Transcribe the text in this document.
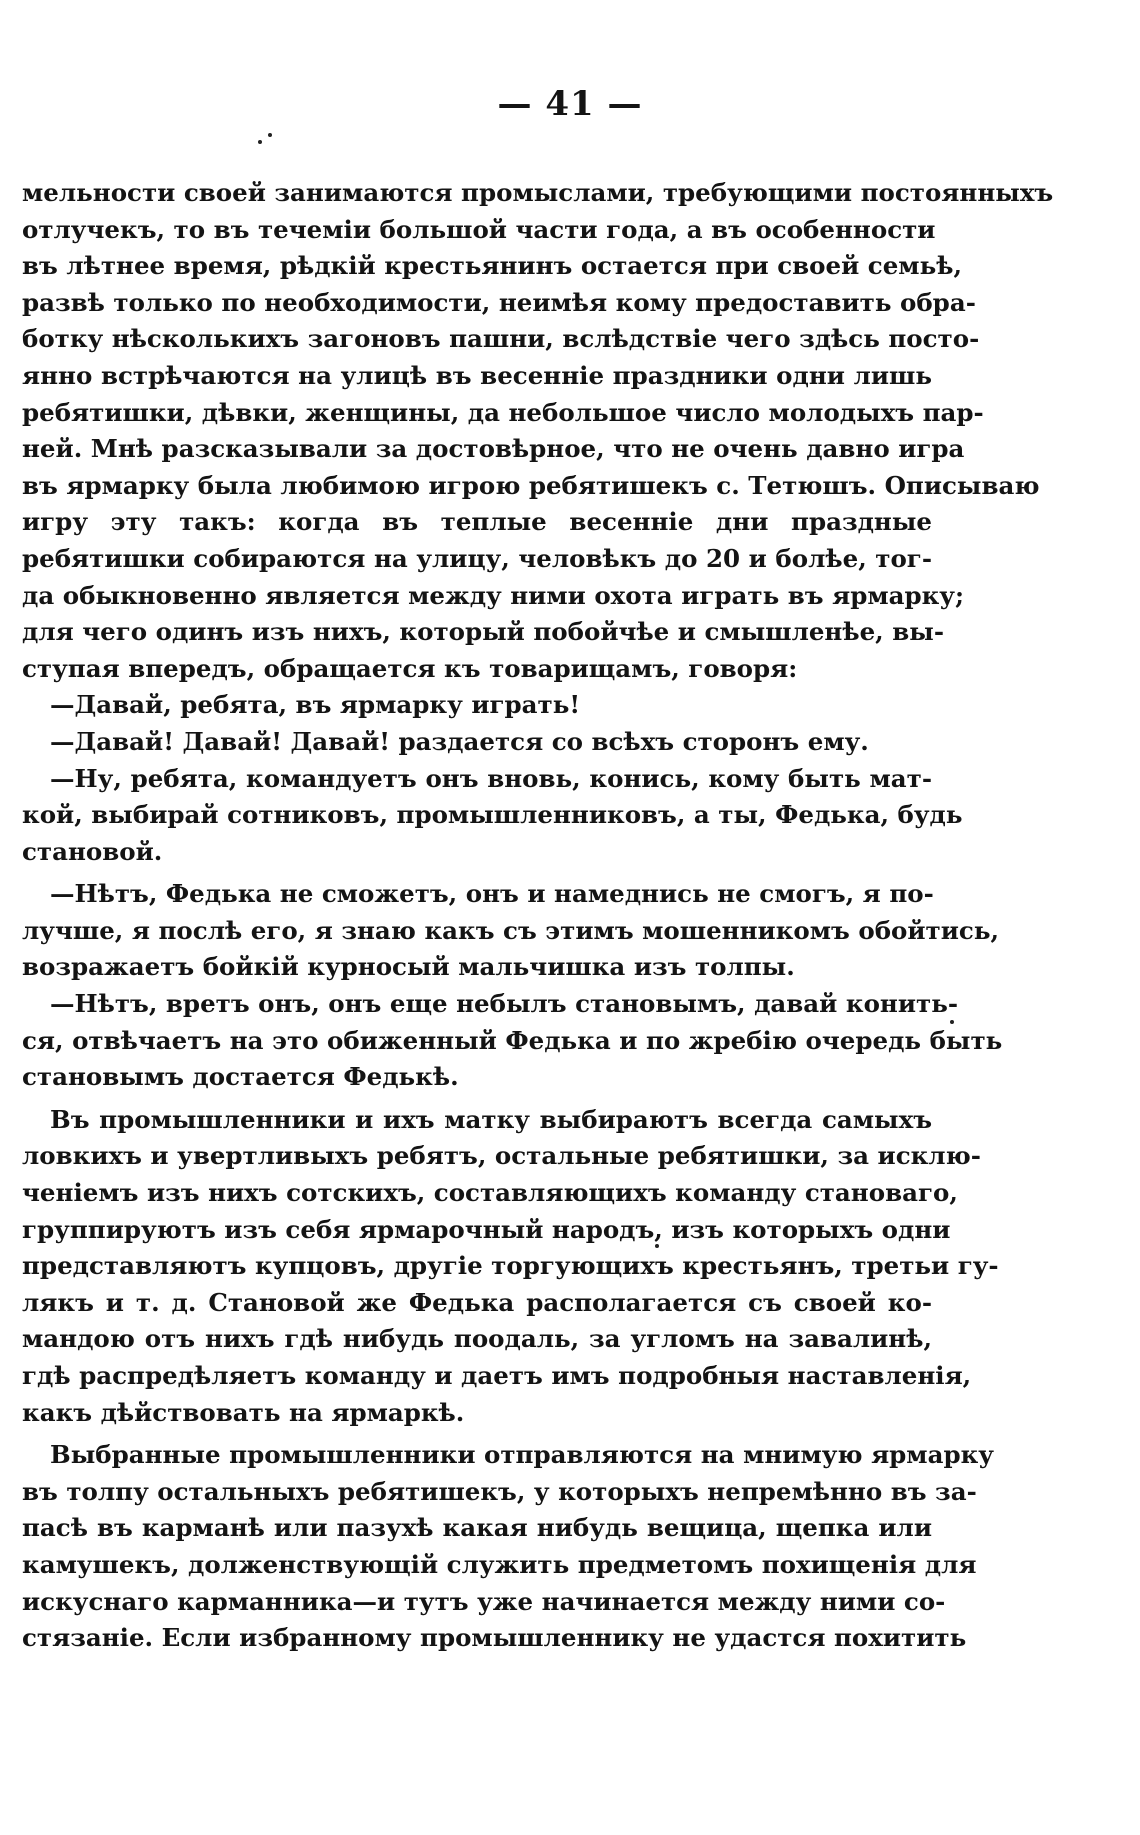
— 41 —
мельности своей занимаются промыслами, требующими постоянныхъ
отлучекъ, то въ течеміи большой части года, а въ особенности
въ лѣтнее время, рѣдкій крестьянинъ остается при своей семьѣ,
развѣ только по необходимости, неимѣя кому предоставить обра-
ботку нѣсколькихъ загоновъ пашни, вслѣдствіе чего здѣсь посто-
янно встрѣчаются на улицѣ въ весеннiе праздники одни лишь
ребятишки, дѣвки, женщины, да небольшое число молодыхъ пар-
ней. Мнѣ разсказывали за достовѣрное, что не очень давно игра
въ ярмарку была любимою игрою ребятишекъ с. Тетюшъ. Описываю
игру эту такъ: когда въ теплые весенніе дни праздные
ребятишки собираются на улицу, человѣкъ до 20 и болѣе, тог-
да обыкновенно является между ними охота играть въ ярмарку;
для чего одинъ изъ нихъ, который побойчѣе и смышленѣе, вы-
ступая впередъ, обращается къ товарищамъ, говоря:
—Давай, ребята, въ ярмарку играть!
—Давай! Давай! Давай! раздается со всѣхъ сторонъ ему.
—Ну, ребята, командуетъ онъ вновь, конись, кому быть мат-
кой, выбирай сотниковъ, промышленниковъ, а ты, Федька, будь
становой.
—Нѣтъ, Федька не сможетъ, онъ и намеднись не смогъ, я по-
лучше, я послѣ его, я знаю какъ съ этимъ мошенникомъ обойтись,
возражаетъ бойкій курносый мальчишка изъ толпы.
—Нѣтъ, вретъ онъ, онъ еще небылъ становымъ, давай конить-
ся, отвѣчаетъ на это обиженный Федька и по жребію очередь быть
становымъ достается Федькѣ.
Въ промышленники и ихъ матку выбираютъ всегда самыхъ
ловкихъ и увертливыхъ ребятъ, остальные ребятишки, за исклю-
ченіемъ изъ нихъ сотскихъ, составляющихъ команду становаго,
группируютъ изъ себя ярмарочный народъ, изъ которыхъ одни
представляютъ купцовъ, другіе торгующихъ крестьянъ, третьи гу-
лякъ и т. д. Становой же Федька располагается съ своей ко-
мандою отъ нихъ гдѣ нибудь поодаль, за угломъ на завалинѣ,
гдѣ распредѣляетъ команду и даетъ имъ подробныя наставленія,
какъ дѣйствовать на ярмаркѣ.
Выбранные промышленники отправляются на мнимую ярмарку
въ толпу остальныхъ ребятишекъ, у которыхъ непремѣнно въ за-
пасѣ въ карманѣ или пазухѣ какая нибудь вещица, щепка или
камушекъ, долженствующій служить предметомъ похищенія для
искуснаго карманника—и тутъ уже начинается между ними со-
стязаніе. Если избранному промышленнику не удастся похитить
